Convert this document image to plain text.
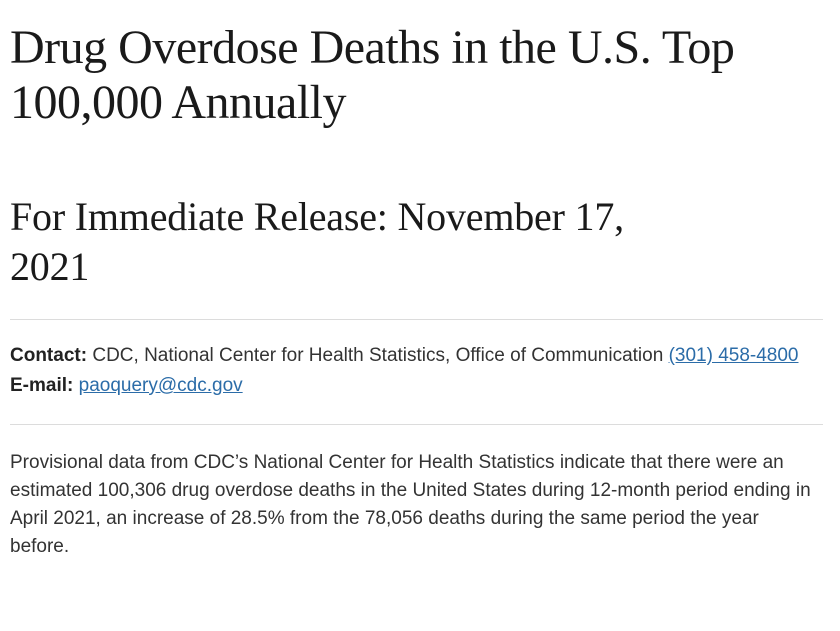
Drug Overdose Deaths in the U.S. Top 100,000 Annually
For Immediate Release: November 17, 2021

Contact: CDC, National Center for Health Statistics, Office of Communication (301) 458-4800

E-mail: paoquery@cdc.gov

Provisional data from CDC’s National Center for Health Statistics indicate that there were an estimated 100,306 drug overdose deaths in the United States during 12-month period ending in April 2021, an increase of 28.5% from the 78,056 deaths during the same period the year before.
